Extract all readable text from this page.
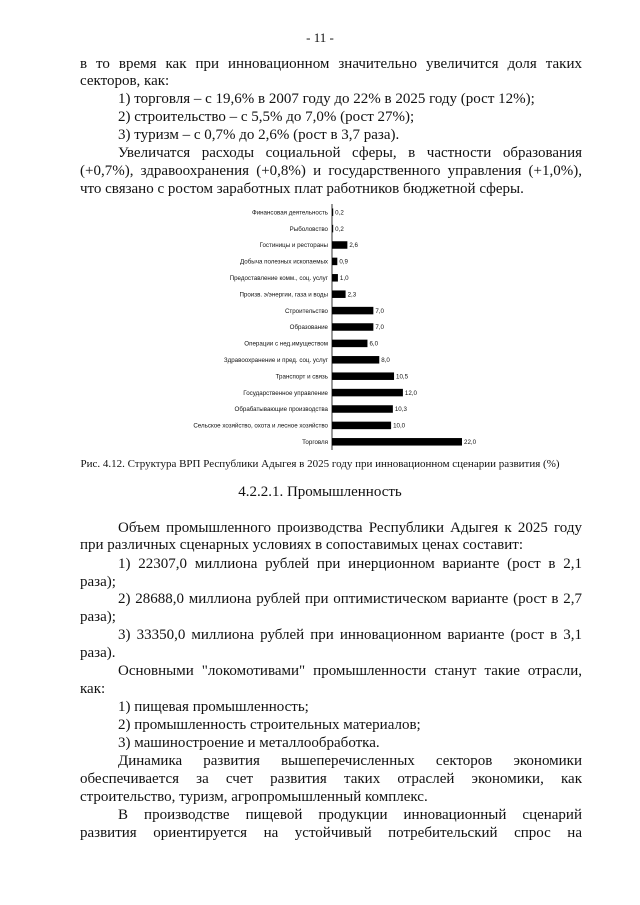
- 11 -
в то время как при инновационном значительно увеличится доля таких
секторов, как:
1) торговля – с 19,6% в 2007 году до 22% в 2025 году (рост 12%);
2) строительство – с 5,5% до 7,0% (рост 27%);
3) туризм – с 0,7% до 2,6% (рост в 3,7 раза).
Увеличатся расходы социальной сферы, в частности образования
(+0,7%), здравоохранения (+0,8%) и государственного управления (+1,0%),
что связано с ростом заработных плат работников бюджетной сферы.
Финансовая деятельность 0,2
Рыболовство 0,2
Гостиницы и рестораны	2,6
Добыча полезных ископаемых 0,9
Предоставление комм., соц. услуг 1,0
Произв. э/энергии, газа и воды	2,3
Строительство	7,0
Образование	7,0
Операции с нед.имуществом	6,0
Здравоохранение и пред. соц. услуг	8,0
Транспорт и связь	10,5
Государственное управление	12,0
Обрабатывающие производства	10,3
Сельское хозяйство, охота и лесное хозяйство	10,0
Торговля	22,0
Рис. 4.12. Структура ВРП Республики Адыгея в 2025 году при инновационном сценарии развития (%)
4.2.2.1. Промышленность
Объем промышленного производства Республики Адыгея к 2025 году
при различных сценарных условиях в сопоставимых ценах составит:
1) 22307,0 миллиона рублей при инерционном варианте (рост в 2,1
раза);
2) 28688,0 миллиона рублей при оптимистическом варианте (рост в 2,7
раза);
3) 33350,0 миллиона рублей при инновационном варианте (рост в 3,1
раза).
Основными "локомотивами" промышленности станут такие отрасли,
как:
1) пищевая промышленность;
2) промышленность строительных материалов;
3) машиностроение и металлообработка.
Динамика развития вышеперечисленных секторов экономики
обеспечивается за счет развития таких отраслей экономики, как
строительство, туризм, агропромышленный комплекс.
В производстве пищевой продукции инновационный сценарий
развития ориентируется на устойчивый потребительский спрос на
